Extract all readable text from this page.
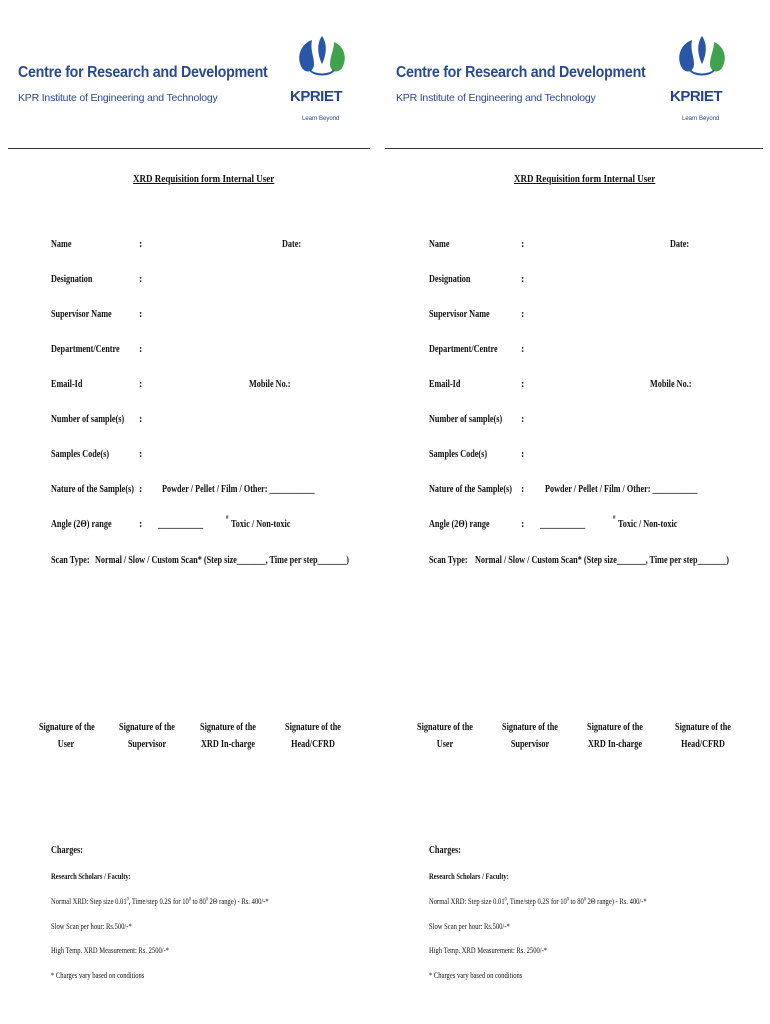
Centre for Research and Development
KPR Institute of Engineering and Technology	KPRIET
Learn Beyond
XRD Requisition form Internal User
Name	:	Date:
Designation	:
Supervisor Name	:
Department/Centre :
Email-Id	:	Mobile No.:
Number of sample(s) :
Samples Code(s)	:
Nature of the Sample(s) : Powder / Pellet / Film / Other: ___________
Angle (2Θ) range	: ___________
#
Toxic / Non-toxic
Scan Type: Normal / Slow / Custom Scan* (Step size_______, Time per step_______)
Signature of the
User
Signature of the
Supervisor
Signature of the
XRD In-charge
Signature of the
Head/CFRD
Charges:
Research Scholars / Faculty:
Normal XRD: Step size 0.01$^0$, Time/step 0.2S for $10^0$ to $80^0$ 2Θ range) - Rs. 400/-*
Slow Scan per hour: Rs.500/-*
High Temp. XRD Measurement: Rs. 2500/-*
* Charges vary based on conditions
Centre for Research and Development
KPR Institute of Engineering and Technology	KPRIET
Learn Beyond
XRD Requisition form Internal User
Name	:	Date:
Designation	:
Supervisor Name	:
Department/Centre :
Email-Id	:	Mobile No.:
Number of sample(s) :
Samples Code(s)	:
Nature of the Sample(s) : Powder / Pellet / Film / Other: ___________
Angle (2Θ) range	: ___________
#
Toxic / Non-toxic
Scan Type: Normal / Slow / Custom Scan* (Step size_______, Time per step_______)
Signature of the
User
Signature of the
Supervisor
Signature of the
XRD In-charge
Signature of the
Head/CFRD
Charges:
Research Scholars / Faculty:
Normal XRD: Step size 0.01$^0$, Time/step 0.2S for $10^0$ to $80^0$ 2Θ range) - Rs. 400/-*
Slow Scan per hour: Rs.500/-*
High Temp. XRD Measurement: Rs. 2500/-*
* Charges vary based on conditions
